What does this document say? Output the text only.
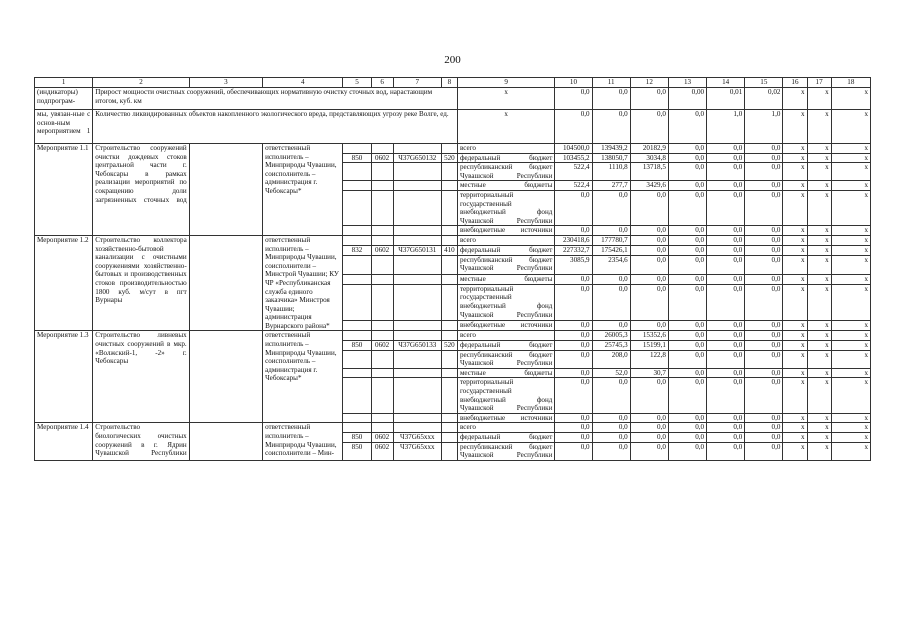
200
1	2	3	4	5	6	7	8	9	10	11	12	13	14	15	16	17	18
(индикаторы) подпрограм-	Прирост мощности очистных сооружений, обеспечивающих нормативную очистку сточных вод, нарастающим итогом, куб. км							x	0,0	0,0	0,0	0,00	0,01	0,02	x	x	x
мы, увязан-ные с основ-ным мероприятием 1	Количество ликвидированных объектов накопленного экологического вреда, представляющих угрозу реке Волге, ед.							x	0,0	0,0	0,0	0,0	1,0	1,0	x	x	x
Мероприятие 1.1	Строительство сооружений очистки дождевых стоков центральной части г. Чебоксары в рамках реализации мероприятий по сокращению доли загрязненных сточных вод		ответственный исполнитель – Минприроды Чувашии, соисполнитель – администрация г. Чебоксары*					всего	104500,0	139439,2	20182,9	0,0	0,0	0,0	x	x	x
				850	0602	Ч37G650132	520	федеральный бюджет	103455,2	138050,7	3034,8	0,0	0,0	0,0	x	x	x
								республиканский бюджет Чувашской Республики	522,4	1110,8	13718,5	0,0	0,0	0,0	x	x	x
								местные бюджеты	522,4	277,7	3429,6	0,0	0,0	0,0	x	x	x
								территориальный государственный внебюджетный фонд Чувашской Республики	0,0	0,0	0,0	0,0	0,0	0,0	x	x	x
								внебюджетные источники	0,0	0,0	0,0	0,0	0,0	0,0	x	x	x
Мероприятие 1.2	Строительство коллектора хозяйственно-бытовой канализации с очистными сооружениями хозяйственно-бытовых и производственных стоков производительностью 1800 куб. м/сут в пгт Вурнары		ответственный исполнитель – Минприроды Чувашии, соисполнители – Минстрой Чувашии; КУ ЧР «Республиканская служба единого заказчика» Минстроя Чувашии; администрация Вурнарского района*					всего	230418,6	177780,7	0,0	0,0	0,0	0,0	x	x	x
				832	0602	Ч37G650131	410	федеральный бюджет	227332,7	175426,1	0,0	0,0	0,0	0,0	x	x	x
								республиканский бюджет Чувашской Республики	3085,9	2354,6	0,0	0,0	0,0	0,0	x	x	x
								местные бюджеты	0,0	0,0	0,0	0,0	0,0	0,0	x	x	x
								территориальный государственный внебюджетный фонд Чувашской Республики	0,0	0,0	0,0	0,0	0,0	0,0	x	x	x
								внебюджетные источники	0,0	0,0	0,0	0,0	0,0	0,0	x	x	x
Мероприятие 1.3	Строительство ливневых очистных сооружений в мкр. «Волжский-1, -2» г. Чебоксары		ответственный исполнитель – Минприроды Чувашии, соисполнитель – администрация г. Чебоксары*					всего	0,0	26005,3	15352,6	0,0	0,0	0,0	x	x	x
				850	0602	Ч37G650133	520	федеральный бюджет	0,0	25745,3	15199,1	0,0	0,0	0,0	x	x	x
								республиканский бюджет Чувашской Республики	0,0	208,0	122,8	0,0	0,0	0,0	x	x	x
								местные бюджеты	0,0	52,0	30,7	0,0	0,0	0,0	x	x	x
								территориальный государственный внебюджетный фонд Чувашской Республики	0,0	0,0	0,0	0,0	0,0	0,0	x	x	x
								внебюджетные источники	0,0	0,0	0,0	0,0	0,0	0,0	x	x	x
Мероприятие 1.4	Строительство биологических очистных сооружений в г. Ядрин Чувашской Республики		ответственный исполнитель – Минприроды Чувашии, соисполнители – Мин-					всего	0,0	0,0	0,0	0,0	0,0	0,0	x	x	x
				850	0602	Ч37G65ххх		федеральный бюджет	0,0	0,0	0,0	0,0	0,0	0,0	x	x	x
				850	0602	Ч37G65ххх		республиканский бюджет Чувашской Республики	0,0	0,0	0,0	0,0	0,0	0,0	x	x	x
